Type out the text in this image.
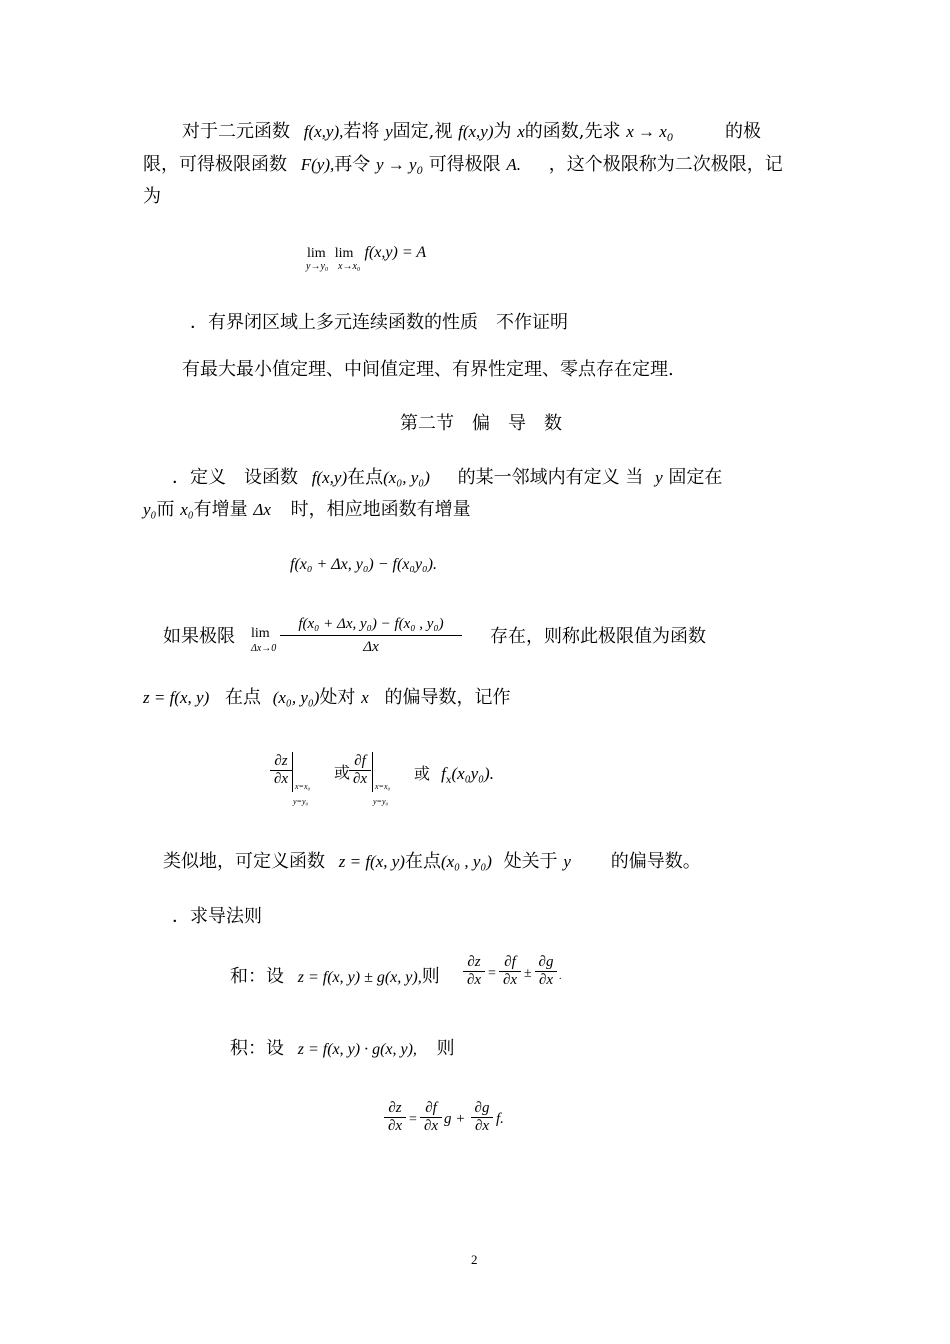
对于二元函数 f(x,y),若将 y固定,视 f(x,y)为 x的函数,先求 $x \to x_0$	的极
限，可得极限函数 F(y),再令 $y \to y_0$ 可得极限 A. ，这个极限称为二次极限，记
为
lim lim f(x,y) = A
y→y₀ x→x₀
．有界闭区域上多元连续函数的性质　不作证明
有最大最小值定理、中间值定理、有界性定理、零点存在定理.
第二节　偏　导　数
．定义　设函数 f(x,y)在点(x₀, y₀) 的某一邻域内有定义 当 y 固定在
y₀而 x₀有增量 Δx 时，相应地函数有增量
f(x₀ + Δx, y₀) − f(x₀y₀).
如果极限 lim
$\Delta x\to 0 \frac{\text{f(x₀ + Δx, y₀) − f(x₀ , y₀)}}{\Delta x}$ 存在，则称此极限值为函数
z = f(x, y) 在点 (x₀, y₀)处对 x 的偏导数，记作
$\frac{\partial z}{\partial x} x=x_0$
y=y₀
或
$\frac{\partial f}{\partial x} x=x_0$
y=y₀
或 $f_x(x_0y_0)$.
类似地，可定义函数 z = f(x, y)在点(x₀ , y₀) 处关于 y 的偏导数。
．求导法则
和：设 z = f(x, y) ± g(x, y),则 $\frac{\partial z}{\partial x} = \frac{\partial f}{\partial x} \pm \frac{\partial g}{\partial x}$ .
积：设 z = f(x, y) · g(x, y), 则
$\frac{\partial z}{\partial x} = \frac{\partial f}{\partial x}$ $g + \frac{\partial g}{\partial x} f$.
2
